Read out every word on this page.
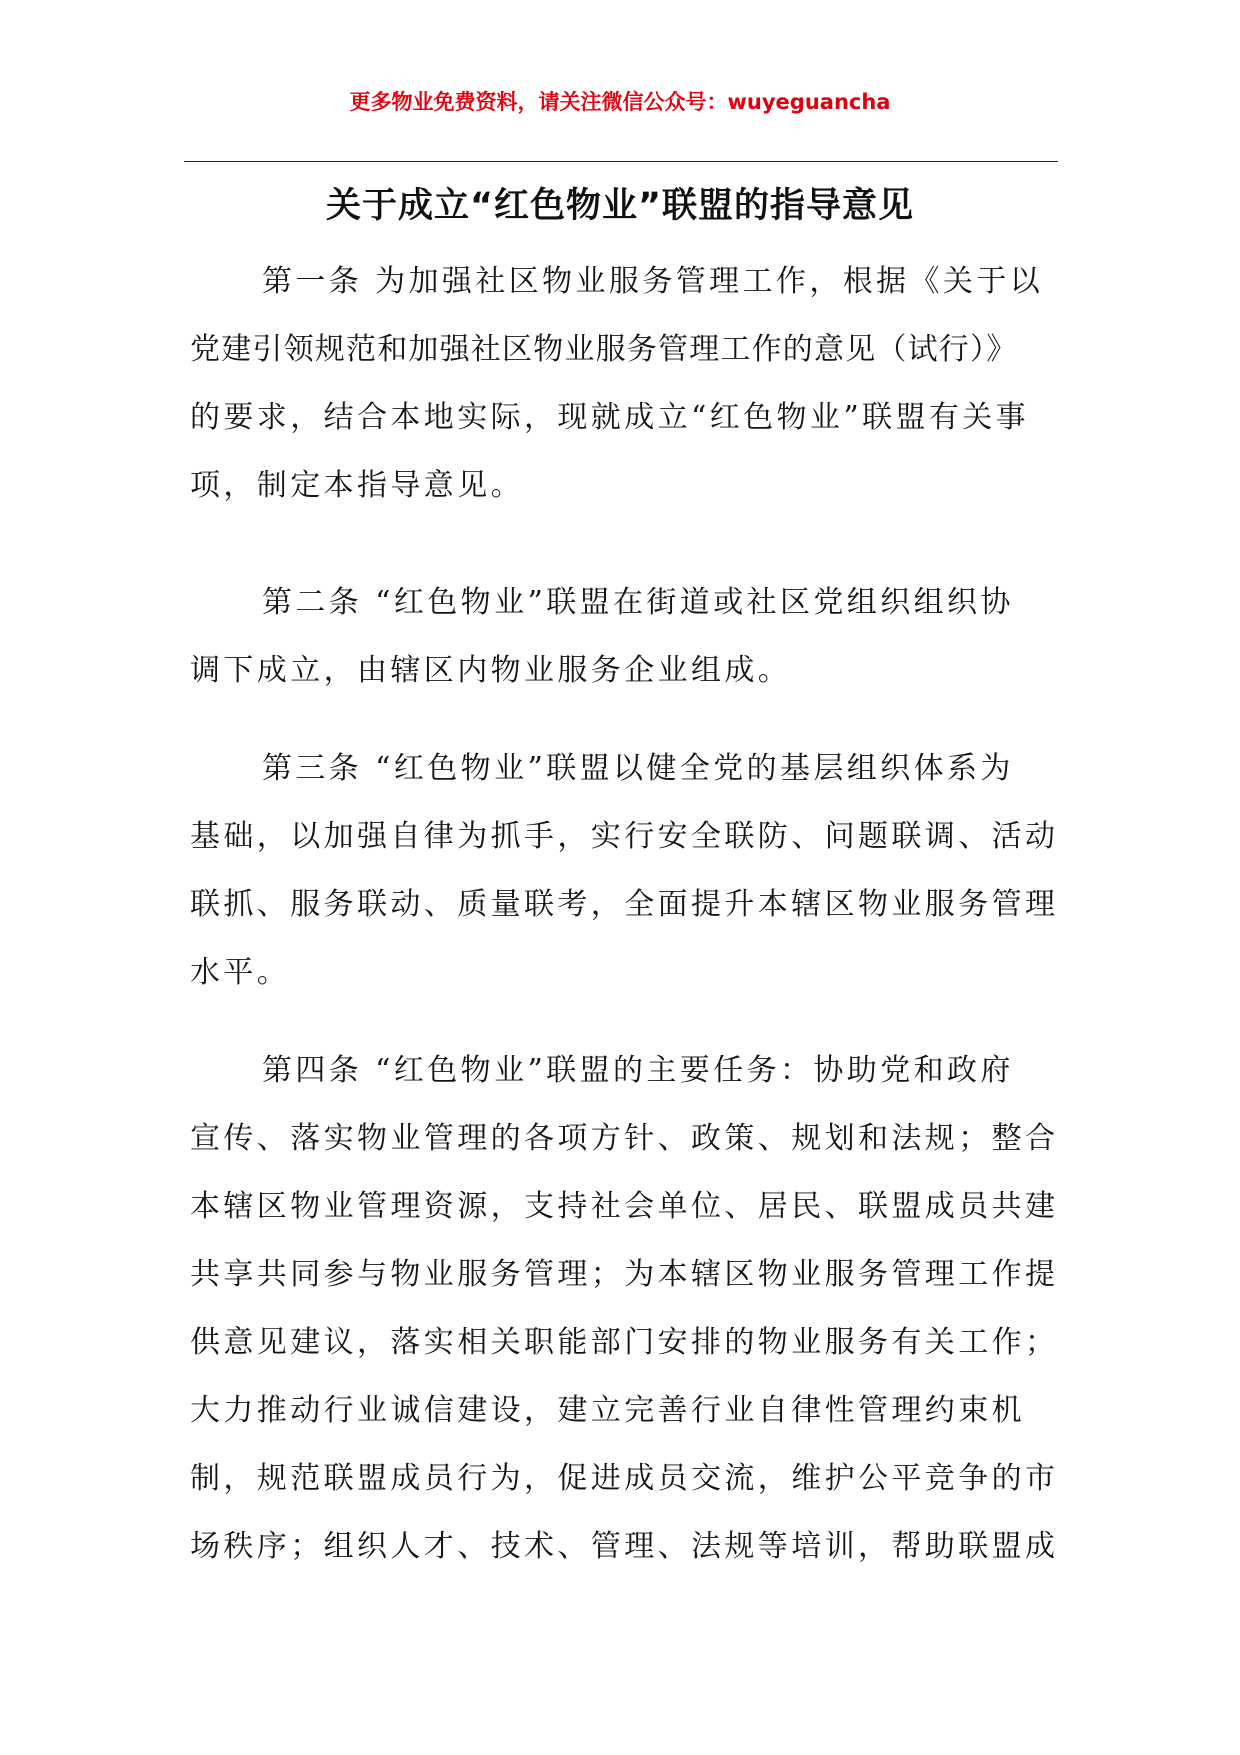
更多物业免费资料，请关注微信公众号：wuyeguancha
关于成立“红色物业”联盟的指导意见
第一条 为加强社区物业服务管理工作，根据《关于以
党建引领规范和加强社区物业服务管理工作的意见（试行）》
的要求，结合本地实际，现就成立“红色物业”联盟有关事
项，制定本指导意见。
第二条 “红色物业”联盟在街道或社区党组织组织协
调下成立，由辖区内物业服务企业组成。
第三条 “红色物业”联盟以健全党的基层组织体系为
基础，以加强自律为抓手，实行安全联防、问题联调、活动
联抓、服务联动、质量联考，全面提升本辖区物业服务管理
水平。
第四条 “红色物业”联盟的主要任务：协助党和政府
宣传、落实物业管理的各项方针、政策、规划和法规；整合
本辖区物业管理资源，支持社会单位、居民、联盟成员共建
共享共同参与物业服务管理；为本辖区物业服务管理工作提
供意见建议，落实相关职能部门安排的物业服务有关工作；
大力推动行业诚信建设，建立完善行业自律性管理约束机
制，规范联盟成员行为，促进成员交流，维护公平竞争的市
场秩序；组织人才、技术、管理、法规等培训，帮助联盟成
